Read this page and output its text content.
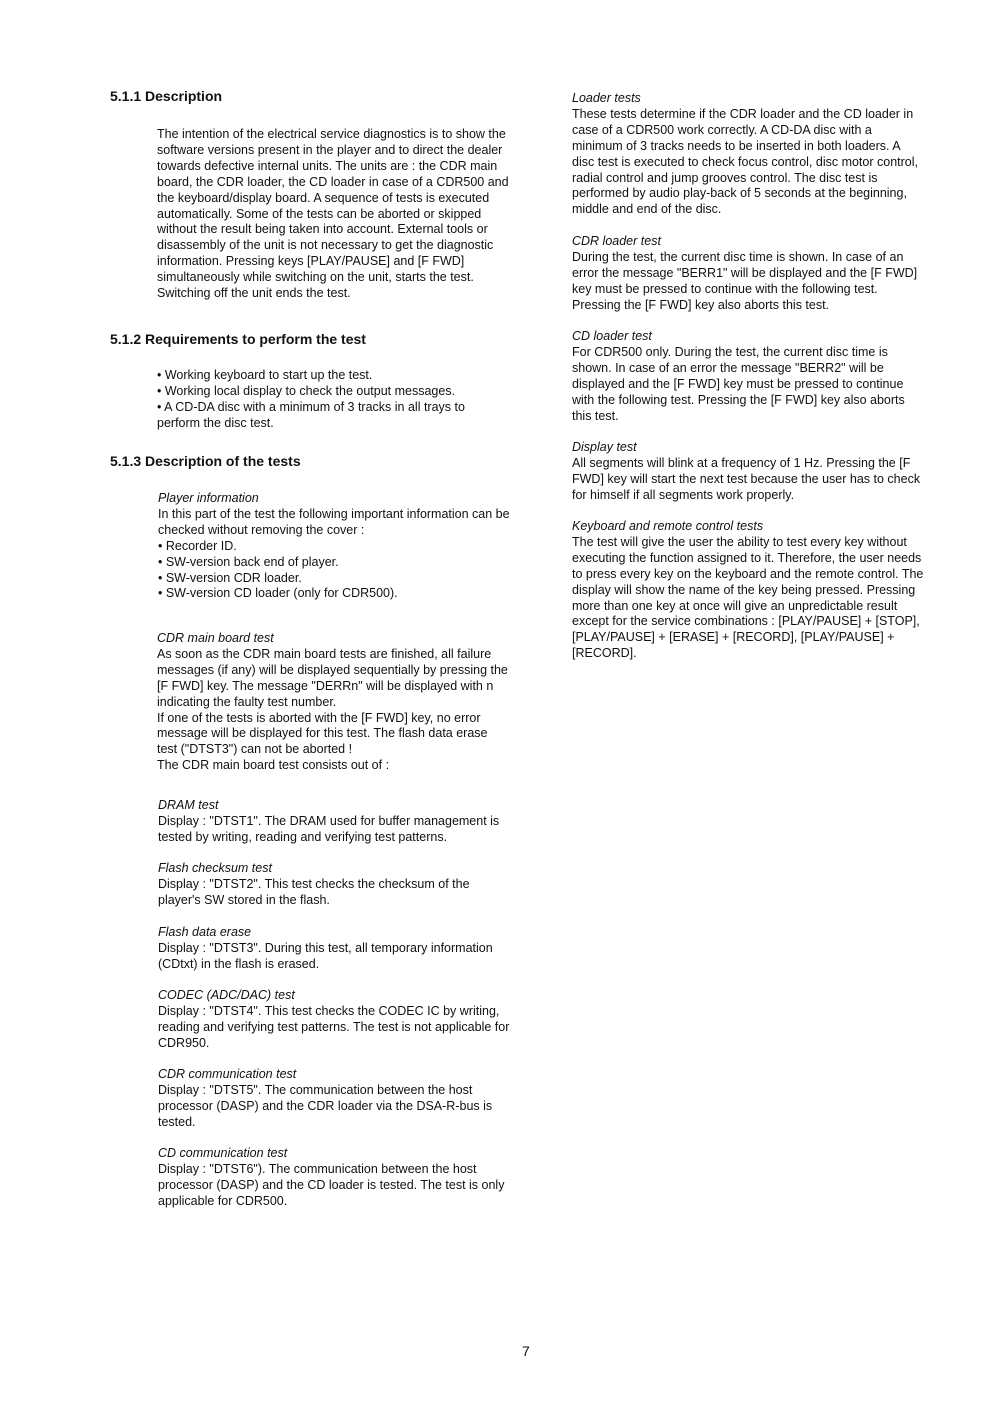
5.1.1 Description
The intention of the electrical service diagnostics is to show the
software versions present in the player and to direct the dealer
towards defective internal units. The units are : the CDR main
board, the CDR loader, the CD loader in case of a CDR500 and
the keyboard/display board. A sequence of tests is executed
automatically. Some of the tests can be aborted or skipped
without the result being taken into account. External tools or
disassembly of the unit is not necessary to get the diagnostic
information. Pressing keys [PLAY/PAUSE] and [F FWD]
simultaneously while switching on the unit, starts the test.
Switching off the unit ends the test.
5.1.2 Requirements to perform the test
• Working keyboard to start up the test.
• Working local display to check the output messages.
• A CD-DA disc with a minimum of 3 tracks in all trays to
perform the disc test.
5.1.3 Description of the tests
Player information
In this part of the test the following important information can be
checked without removing the cover :
• Recorder ID.
• SW-version back end of player.
• SW-version CDR loader.
• SW-version CD loader (only for CDR500).
CDR main board test
As soon as the CDR main board tests are finished, all failure
messages (if any) will be displayed sequentially by pressing the
[F FWD] key. The message "DERRn" will be displayed with n
indicating the faulty test number.
If one of the tests is aborted with the [F FWD] key, no error
message will be displayed for this test. The flash data erase
test ("DTST3") can not be aborted !
The CDR main board test consists out of :
DRAM test
Display : "DTST1". The DRAM used for buffer management is
tested by writing, reading and verifying test patterns.
Flash checksum test
Display : "DTST2". This test checks the checksum of the
player's SW stored in the flash.
Flash data erase
Display : "DTST3". During this test, all temporary information
(CDtxt) in the flash is erased.
CODEC (ADC/DAC) test
Display : "DTST4". This test checks the CODEC IC by writing,
reading and verifying test patterns. The test is not applicable for
CDR950.
CDR communication test
Display : "DTST5". The communication between the host
processor (DASP) and the CDR loader via the DSA-R-bus is
tested.
CD communication test
Display : "DTST6"). The communication between the host
processor (DASP) and the CD loader is tested. The test is only
applicable for CDR500.
Loader tests
These tests determine if the CDR loader and the CD loader in
case of a CDR500 work correctly. A CD-DA disc with a
minimum of 3 tracks needs to be inserted in both loaders. A
disc test is executed to check focus control, disc motor control,
radial control and jump grooves control. The disc test is
performed by audio play-back of 5 seconds at the beginning,
middle and end of the disc.
CDR loader test
During the test, the current disc time is shown. In case of an
error the message "BERR1" will be displayed and the [F FWD]
key must be pressed to continue with the following test.
Pressing the [F FWD] key also aborts this test.
CD loader test
For CDR500 only. During the test, the current disc time is
shown. In case of an error the message "BERR2" will be
displayed and the [F FWD] key must be pressed to continue
with the following test. Pressing the [F FWD] key also aborts
this test.
Display test
All segments will blink at a frequency of 1 Hz. Pressing the [F
FWD] key will start the next test because the user has to check
for himself if all segments work properly.
Keyboard and remote control tests
The test will give the user the ability to test every key without
executing the function assigned to it. Therefore, the user needs
to press every key on the keyboard and the remote control. The
display will show the name of the key being pressed. Pressing
more than one key at once will give an unpredictable result
except for the service combinations : [PLAY/PAUSE] + [STOP],
[PLAY/PAUSE] + [ERASE] + [RECORD], [PLAY/PAUSE] +
[RECORD].
7
